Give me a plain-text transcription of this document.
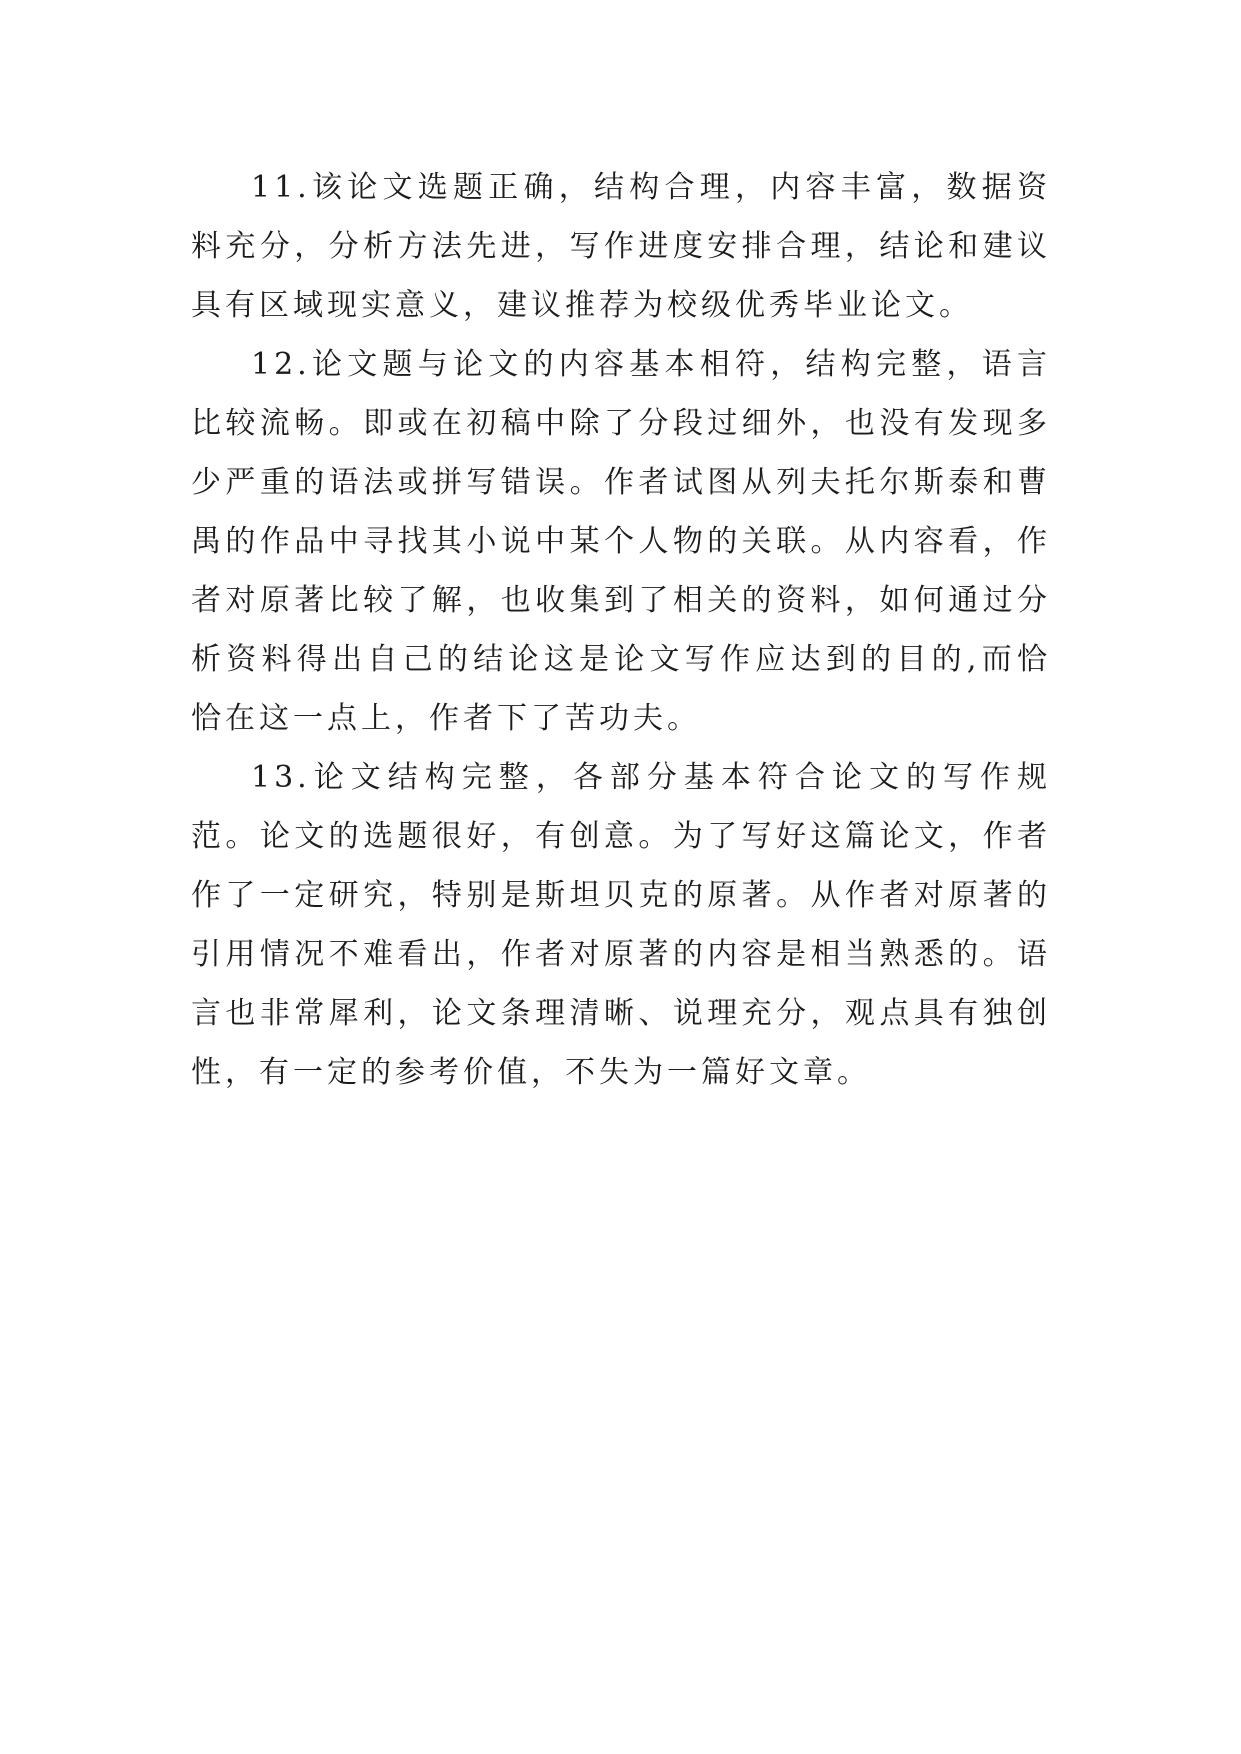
11.该论文选题正确，结构合理，内容丰富，数据资料充分，分析方法先进，写作进度安排合理，结论和建议具有区域现实意义，建议推荐为校级优秀毕业论文。

12.论文题与论文的内容基本相符，结构完整，语言比较流畅。即或在初稿中除了分段过细外，也没有发现多少严重的语法或拼写错误。作者试图从列夫托尔斯泰和曹禺的作品中寻找其小说中某个人物的关联。从内容看，作者对原著比较了解，也收集到了相关的资料，如何通过分析资料得出自己的结论这是论文写作应达到的目的,而恰恰在这一点上，作者下了苦功夫。

13.论文结构完整，各部分基本符合论文的写作规范。论文的选题很好，有创意。为了写好这篇论文，作者作了一定研究，特别是斯坦贝克的原著。从作者对原著的引用情况不难看出，作者对原著的内容是相当熟悉的。语言也非常犀利，论文条理清晰、说理充分，观点具有独创性，有一定的参考价值，不失为一篇好文章。
